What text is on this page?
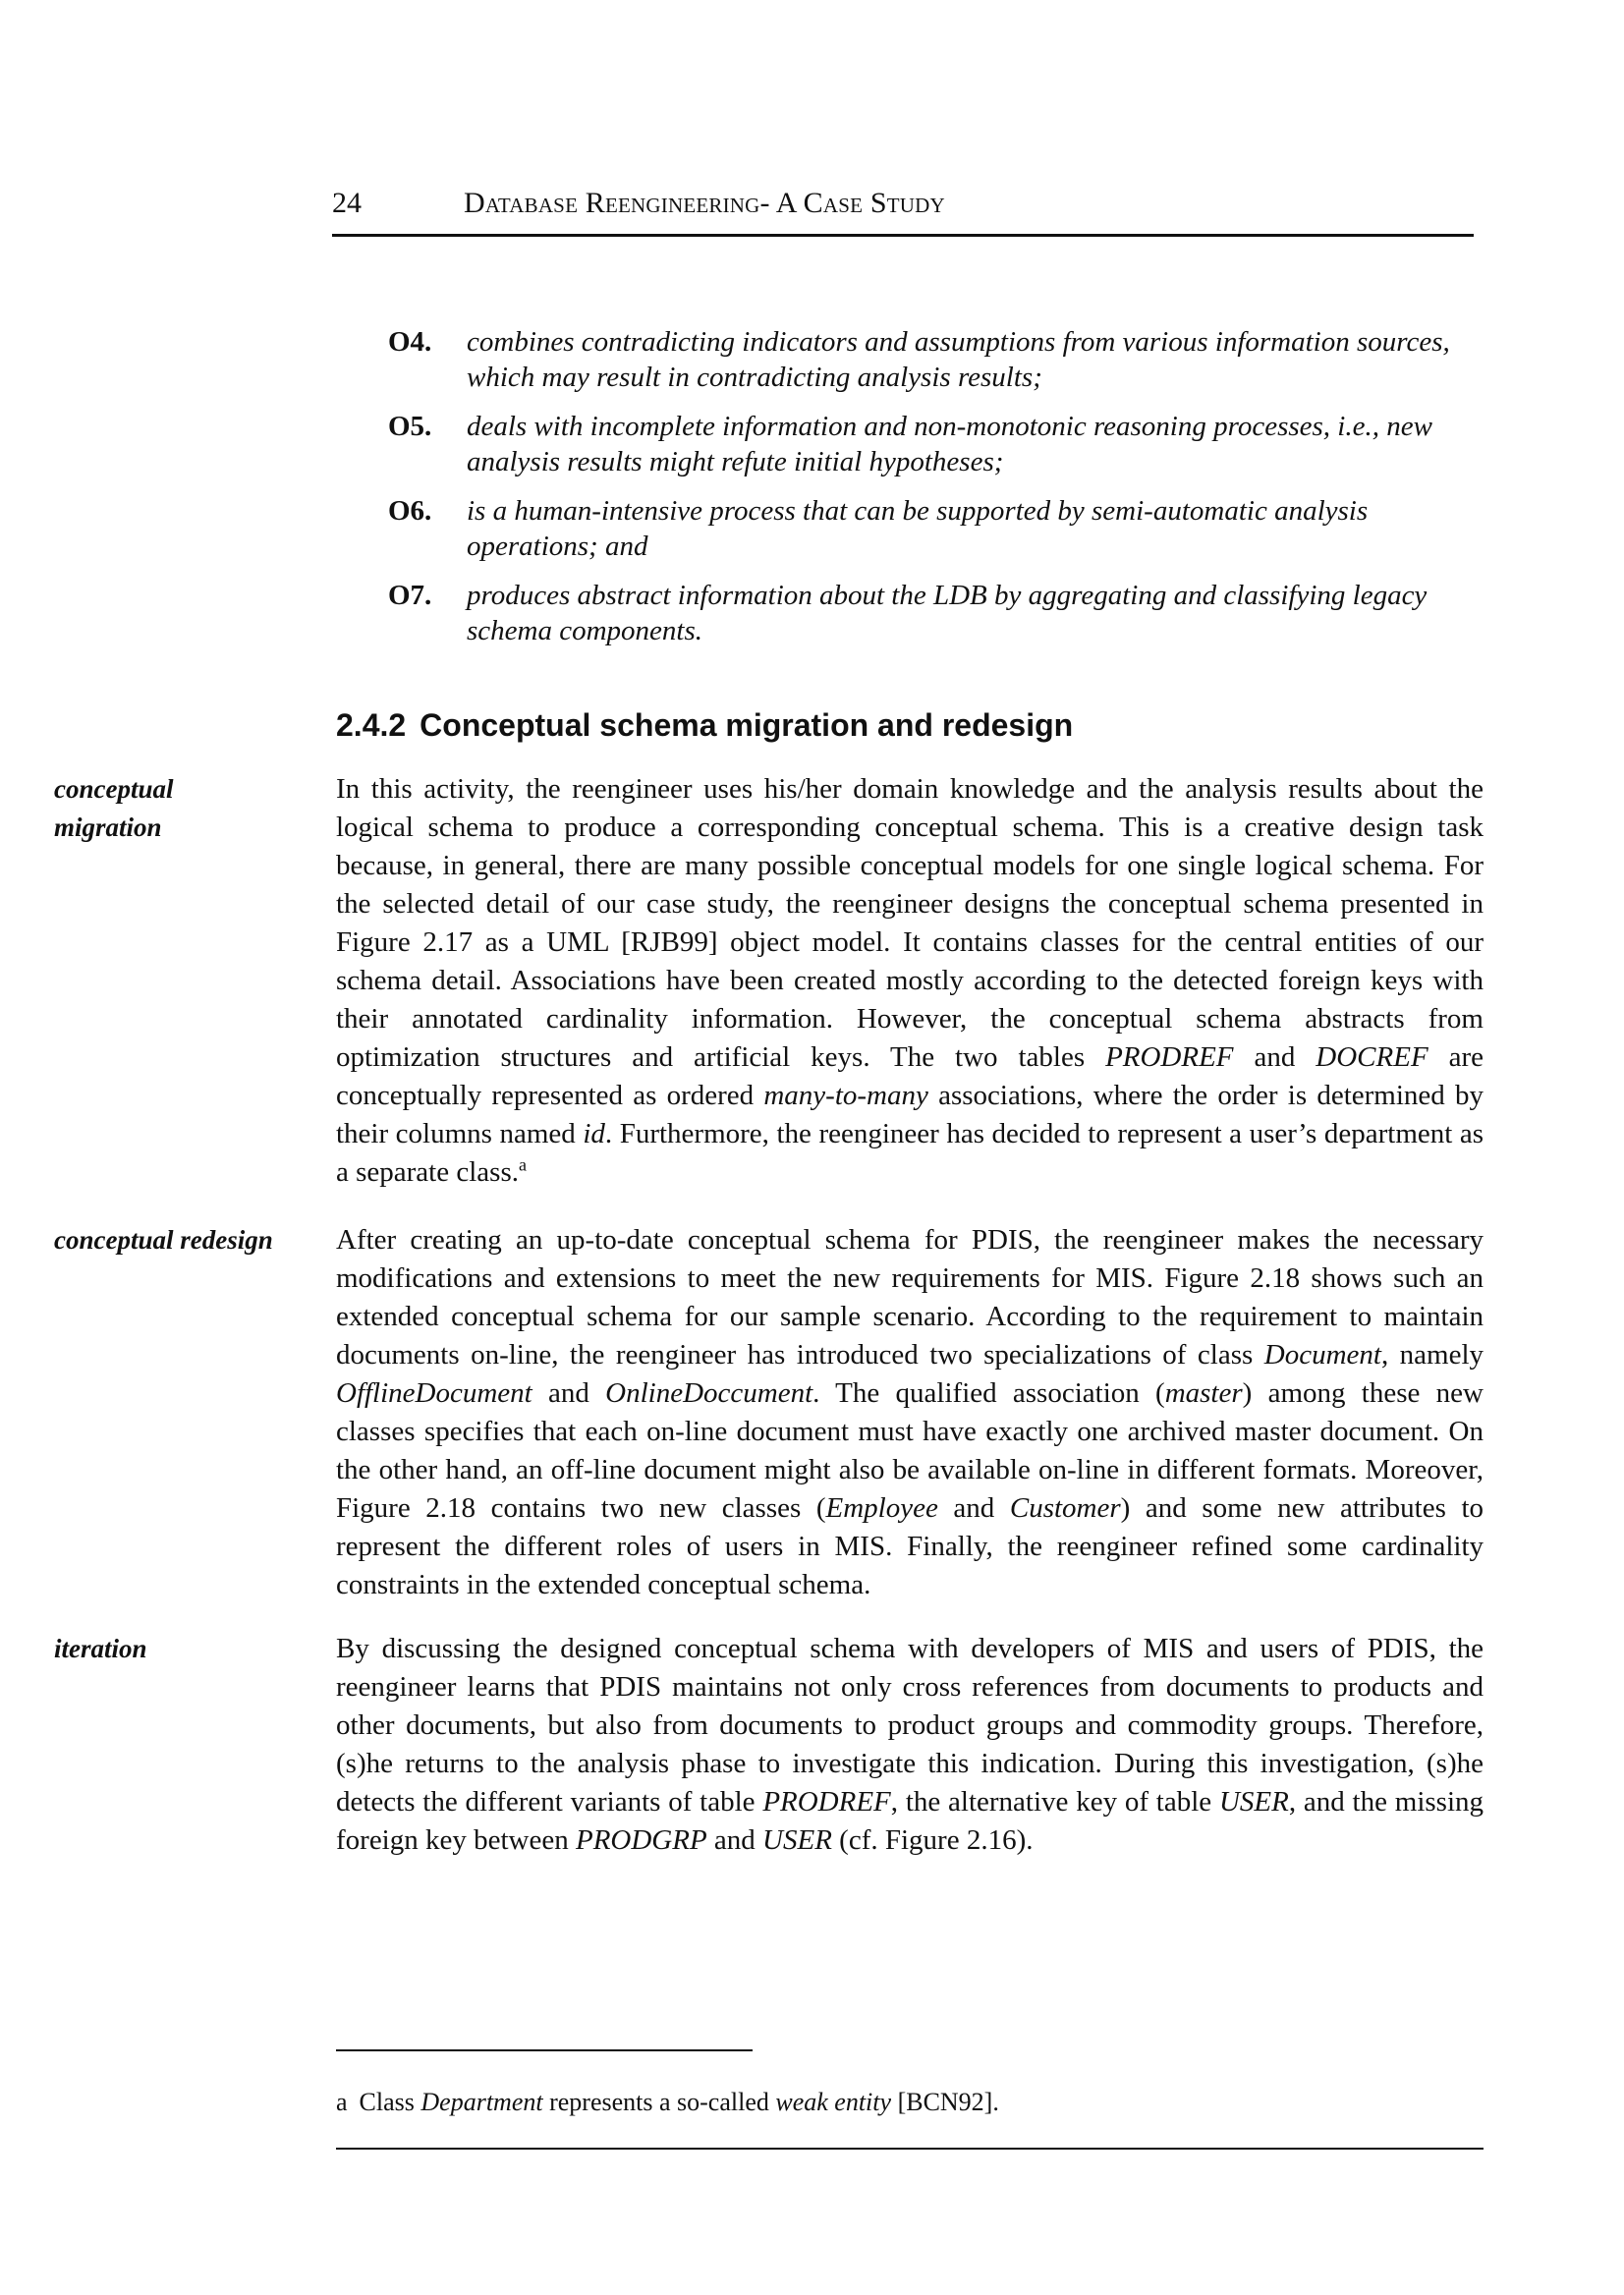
24	Database Reengineering- A Case Study
O4.	combines contradicting indicators and assumptions from various information sources, which may result in contradicting analysis results;
O5.	deals with incomplete information and non-monotonic reasoning processes, i.e., new analysis results might refute initial hypotheses;
O6.	is a human-intensive process that can be supported by semi-automatic analysis operations; and
O7.	produces abstract information about the LDB by aggregating and classifying legacy schema components.
2.4.2 Conceptual schema migration and redesign
conceptual migration
In this activity, the reengineer uses his/her domain knowledge and the analysis results about the logical schema to produce a corresponding conceptual schema. This is a creative design task because, in general, there are many possible conceptual models for one single logical schema. For the selected detail of our case study, the reengineer designs the conceptual schema presented in Figure 2.17 as a UML [RJB99] object model. It contains classes for the central entities of our schema detail. Associations have been created mostly according to the detected foreign keys with their annotated cardinality information. However, the conceptual schema abstracts from optimization structures and artificial keys. The two tables PRODREF and DOCREF are conceptually represented as ordered many-to-many associations, where the order is determined by their columns named id. Furthermore, the reengineer has decided to represent a user’s department as a separate class.$^a$
conceptual redesign After creating an up-to-date conceptual schema for PDIS, the reengineer makes the necessary modifications and extensions to meet the new requirements for MIS. Figure 2.18 shows such an extended conceptual schema for our sample scenario. According to the requirement to maintain documents on-line, the reengineer has introduced two specializations of class Document, namely OfflineDocument and OnlineDoccument. The qualified association (master) among these new classes specifies that each on-line document must have exactly one archived master document. On the other hand, an off-line document might also be available on-line in different formats. Moreover, Figure 2.18 contains two new classes (Employee and Customer) and some new attributes to represent the different roles of users in MIS. Finally, the reengineer refined some cardinality constraints in the extended conceptual schema.
iteration	By discussing the designed conceptual schema with developers of MIS and users of PDIS, the reengineer learns that PDIS maintains not only cross references from documents to products and other documents, but also from documents to product groups and commodity groups. Therefore, (s)he returns to the analysis phase to investigate this indication. During this investigation, (s)he detects the different variants of table PRODREF, the alternative key of table USER, and the missing foreign key between PRODGRP and USER (cf. Figure 2.16).
a Class Department represents a so-called weak entity [BCN92].
